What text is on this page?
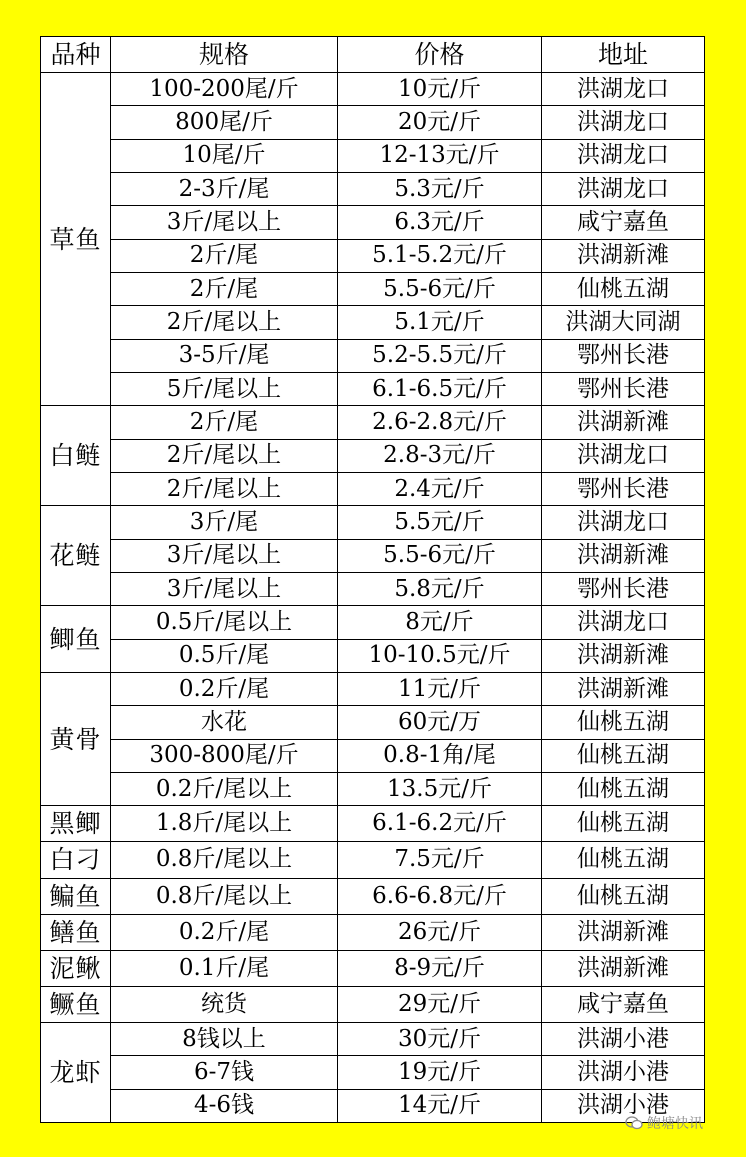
品种	规格	价格	地址
草鱼	100-200尾/斤	10元/斤	洪湖龙口
	800尾/斤	20元/斤	洪湖龙口
	10尾/斤	12-13元/斤	洪湖龙口
	2-3斤/尾	5.3元/斤	洪湖龙口
	3斤/尾以上	6.3元/斤	咸宁嘉鱼
	2斤/尾	5.1-5.2元/斤	洪湖新滩
	2斤/尾	5.5-6元/斤	仙桃五湖
	2斤/尾以上	5.1元/斤	洪湖大同湖
	3-5斤/尾	5.2-5.5元/斤	鄂州长港
	5斤/尾以上	6.1-6.5元/斤	鄂州长港
白鲢	2斤/尾	2.6-2.8元/斤	洪湖新滩
	2斤/尾以上	2.8-3元/斤	洪湖龙口
	2斤/尾以上	2.4元/斤	鄂州长港
花鲢	3斤/尾	5.5元/斤	洪湖龙口
	3斤/尾以上	5.5-6元/斤	洪湖新滩
	3斤/尾以上	5.8元/斤	鄂州长港
鲫鱼	0.5斤/尾以上	8元/斤	洪湖龙口
	0.5斤/尾	10-10.5元/斤	洪湖新滩
黄骨	0.2斤/尾	11元/斤	洪湖新滩
	水花	60元/万	仙桃五湖
	300-800尾/斤	0.8-1角/尾	仙桃五湖
	0.2斤/尾以上	13.5元/斤	仙桃五湖
黑鲫	1.8斤/尾以上	6.1-6.2元/斤	仙桃五湖
白刁	0.8斤/尾以上	7.5元/斤	仙桃五湖
鳊鱼	0.8斤/尾以上	6.6-6.8元/斤	仙桃五湖
鳝鱼	0.2斤/尾	26元/斤	洪湖新滩
泥鳅	0.1斤/尾	8-9元/斤	洪湖新滩
鳜鱼	统货	29元/斤	咸宁嘉鱼
龙虾	8钱以上	30元/斤	洪湖小港
	6-7钱	19元/斤	洪湖小港
	4-6钱	14元/斤	洪湖小港
鲍塘快讯
